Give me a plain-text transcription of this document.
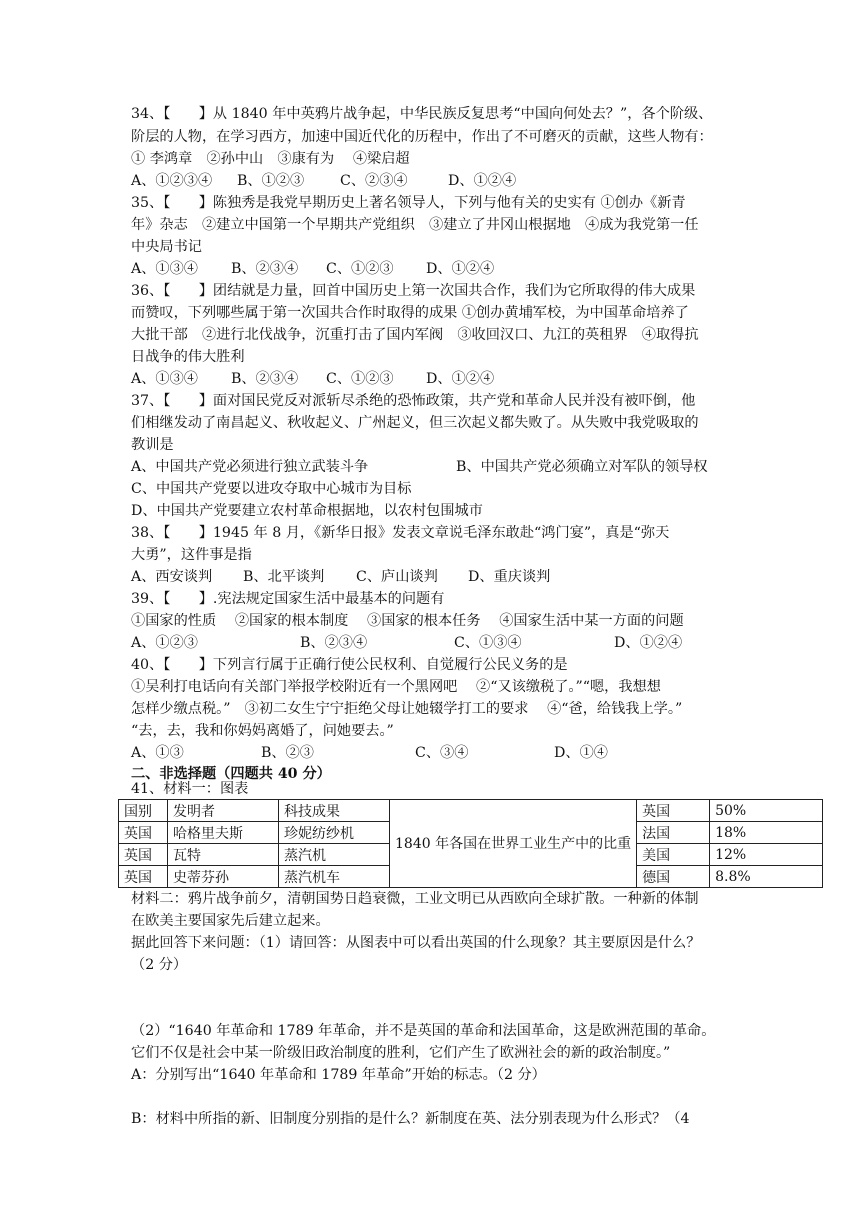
34、【　　】从 1840 年中英鸦片战争起，中华民族反复思考“中国向何处去？”，各个阶级、
阶层的人物，在学习西方，加速中国近代化的历程中，作出了不可磨灭的贡献，这些人物有：
① 李鸿章　②孙中山　③康有为　 ④梁启超
A、①②③④ B、①②③	C、②③④	D、①②④
35、【　　】陈独秀是我党早期历史上著名领导人，下列与他有关的史实有 ①创办《新青
年》杂志　②建立中国第一个早期共产党组织　③建立了井冈山根据地　④成为我党第一任
中央局书记
A、①③④ B、②③④ C、①②③ D、①②④
36、【　　】团结就是力量，回首中国历史上第一次国共合作，我们为它所取得的伟大成果
而赞叹，下列哪些属于第一次国共合作时取得的成果 ①创办黄埔军校，为中国革命培养了
大批干部　②进行北伐战争，沉重打击了国内军阀　③收回汉口、九江的英租界　④取得抗
日战争的伟大胜利
A、①③④ B、②③④ C、①②③ D、①②④
37、【　　】面对国民党反对派斩尽杀绝的恐怖政策，共产党和革命人民并没有被吓倒，他
们相继发动了南昌起义、秋收起义、广州起义，但三次起义都失败了。从失败中我党吸取的
教训是
A、中国共产党必须进行独立武装斗争	B、中国共产党必须确立对军队的领导权
C、中国共产党要以进攻夺取中心城市为目标
D、中国共产党要建立农村革命根据地，以农村包围城市
38、【　　】1945 年 8 月，《新华日报》发表文章说毛泽东敢赴“鸿门宴”，真是“弥天
大勇”，这件事是指
A、西安谈判 B、北平谈判 C、庐山谈判 D、重庆谈判
39、【　　】.宪法规定国家生活中最基本的问题有
①国家的性质　 ②国家的根本制度　 ③国家的根本任务　 ④国家生活中某一方面的问题
A、①②③	B、②③④	C、①③④	D、①②④
40、【　　】下列言行属于正确行使公民权利、自觉履行公民义务的是
①吴利打电话向有关部门举报学校附近有一个黑网吧　 ②“又该缴税了。”“嗯，我想想
怎样少缴点税。”　③初二女生宁宁拒绝父母让她辍学打工的要求　 ④“爸，给钱我上学。”
“去，去，我和你妈妈离婚了，问她要去。”
A、①③	B、②③	C、③④	D、①④
二、非选择题（四题共 40 分）
41、材料一：图表
国别	发明者	科技成果	1840 年各国在世界工业生产中的比重	英国	50%
英国	哈格里夫斯	珍妮纺纱机		法国	18%
英国	瓦特	蒸汽机		美国	12%
英国	史蒂芬孙	蒸汽机车		德国	8.8%
材料二：鸦片战争前夕，清朝国势日趋衰微，工业文明已从西欧向全球扩散。一种新的体制
在欧美主要国家先后建立起来。
据此回答下来问题：（1）请回答：从图表中可以看出英国的什么现象？其主要原因是什么？
（2 分）
（2）“1640 年革命和 1789 年革命，并不是英国的革命和法国革命，这是欧洲范围的革命。
它们不仅是社会中某一阶级旧政治制度的胜利，它们产生了欧洲社会的新的政治制度。”
A：分别写出“1640 年革命和 1789 年革命”开始的标志。（2 分）
B：材料中所指的新、旧制度分别指的是什么？新制度在英、法分别表现为什么形式？（4
